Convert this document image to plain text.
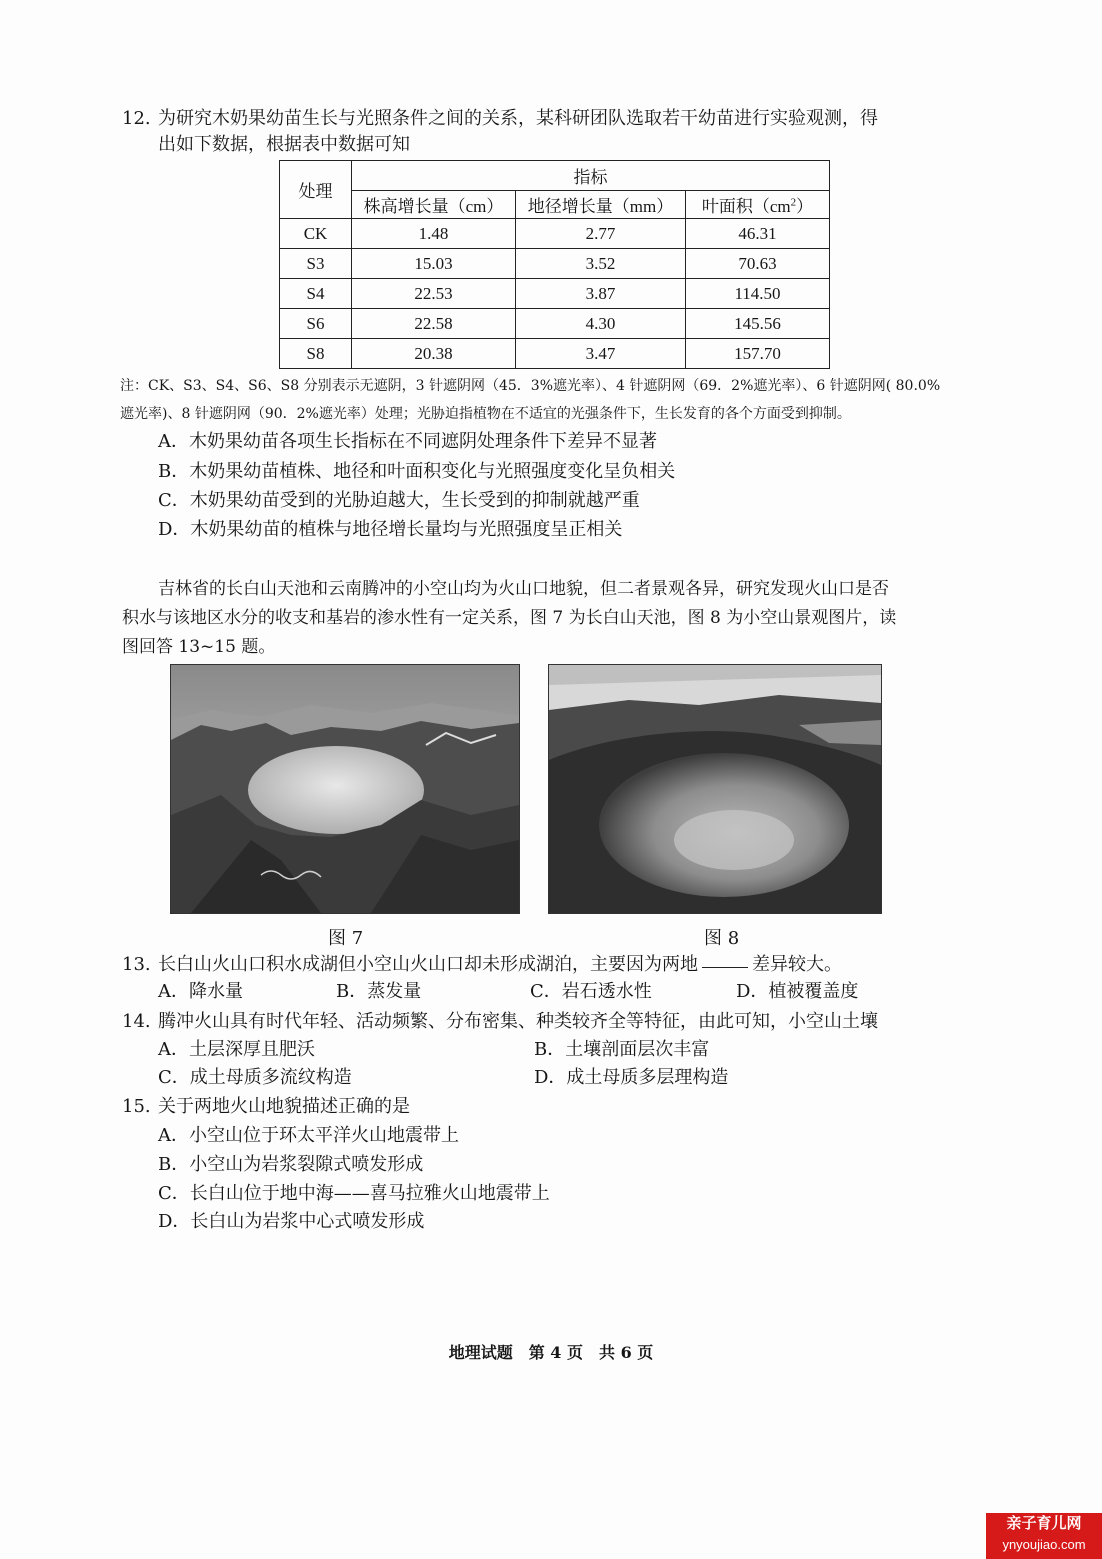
12. 为研究木奶果幼苗生长与光照条件之间的关系，某科研团队选取若干幼苗进行实验观测，得
出如下数据，根据表中数据可知
处理	指标		
	株高增长量（cm）	地径增长量（mm）	叶面积$(cm^2)$
CK	1.48	2.77	46.31
S3	15.03	3.52	70.63
S4	22.53	3.87	114.50
S6	22.58	4.30	145.56
S8	20.38	3.47	157.70
注：CK、S3、S4、S6、S8 分别表示无遮阴，3 针遮阴网（45．3%遮光率）、4 针遮阴网（69．2%遮光率）、6 针遮阴网( 80.0%
遮光率)、8 针遮阴网（90．2%遮光率）处理；光胁迫指植物在不适宜的光强条件下，生长发育的各个方面受到抑制。
A．木奶果幼苗各项生长指标在不同遮阴处理条件下差异不显著
B．木奶果幼苗植株、地径和叶面积变化与光照强度变化呈负相关
C．木奶果幼苗受到的光胁迫越大，生长受到的抑制就越严重
D．木奶果幼苗的植株与地径增长量均与光照强度呈正相关
吉林省的长白山天池和云南腾冲的小空山均为火山口地貌，但二者景观各异，研究发现火山口是否
积水与该地区水分的收支和基岩的渗水性有一定关系，图 7 为长白山天池，图 8 为小空山景观图片，读
图回答 13~15 题。
图 7	图 8
13. 长白山火山口积水成湖但小空山火山口却未形成湖泊，主要因为两地	差异较大。
A．降水量	B．蒸发量	C．岩石透水性	D．植被覆盖度
14. 腾冲火山具有时代年轻、活动频繁、分布密集、种类较齐全等特征，由此可知，小空山土壤
A．土层深厚且肥沃	B．土壤剖面层次丰富
C．成土母质多流纹构造	D．成土母质多层理构造
15. 关于两地火山地貌描述正确的是
A．小空山位于环太平洋火山地震带上
B．小空山为岩浆裂隙式喷发形成
C．长白山位于地中海——喜马拉雅火山地震带上
D．长白山为岩浆中心式喷发形成
地理试题　第 4 页　共 6 页
亲子育儿网
ynyoujiao.com
